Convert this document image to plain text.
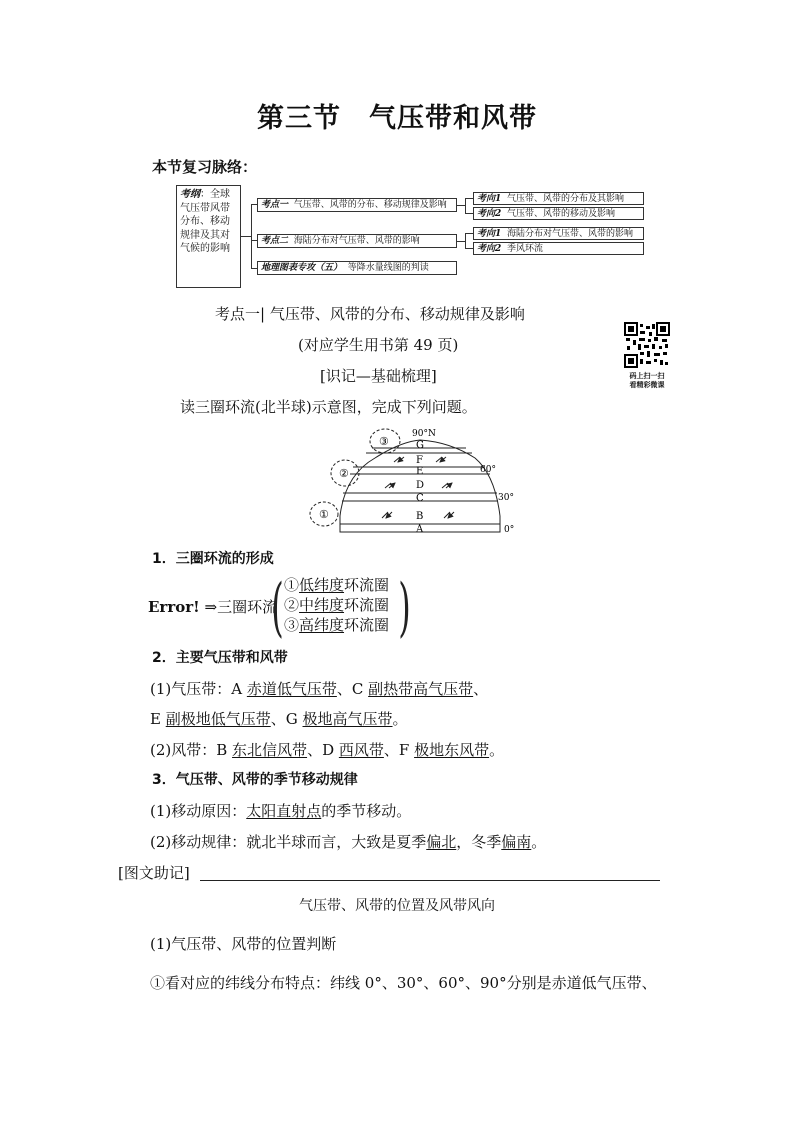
第三节 气压带和风带
本节复习脉络：
考纲：全球气压带风带分布、移动规律及其对气候的影响
考点一 气压带、风带的分布、移动规律及影响
考点二 海陆分布对气压带、风带的影响
地理图表专攻（五） 等降水量线图的判读
考向1 气压带、风带的分布及其影响
考向2 气压带、风带的移动及影响
考向1 海陆分布对气压带、风带的影响
考向2 季风环流
考点一| 气压带、风带的分布、移动规律及影响
(对应学生用书第 49 页)
[识记—基础梳理]	码上扫一扫
看精彩微课
读三圈环流(北半球)示意图，完成下列问题。
G
F
E
D
C
B
A
①
②
③
90°N
60°
30°
0°
1．三圈环流的形成
Error! ⇒三圈环流
( ①低纬度环流圈
②中纬度环流圈
③高纬度环流圈 )
2．主要气压带和风带
(1)气压带：A 赤道低气压带、C 副热带高气压带、
E 副极地低气压带、G 极地高气压带。
(2)风带：B 东北信风带、D 西风带、F 极地东风带。
3．气压带、风带的季节移动规律
(1)移动原因：太阳直射点的季节移动。
(2)移动规律：就北半球而言，大致是夏季偏北，冬季偏南。
[图文助记]
气压带、风带的位置及风带风向
(1)气压带、风带的位置判断
①看对应的纬线分布特点：纬线 0°、30°、60°、90°分别是赤道低气压带、
